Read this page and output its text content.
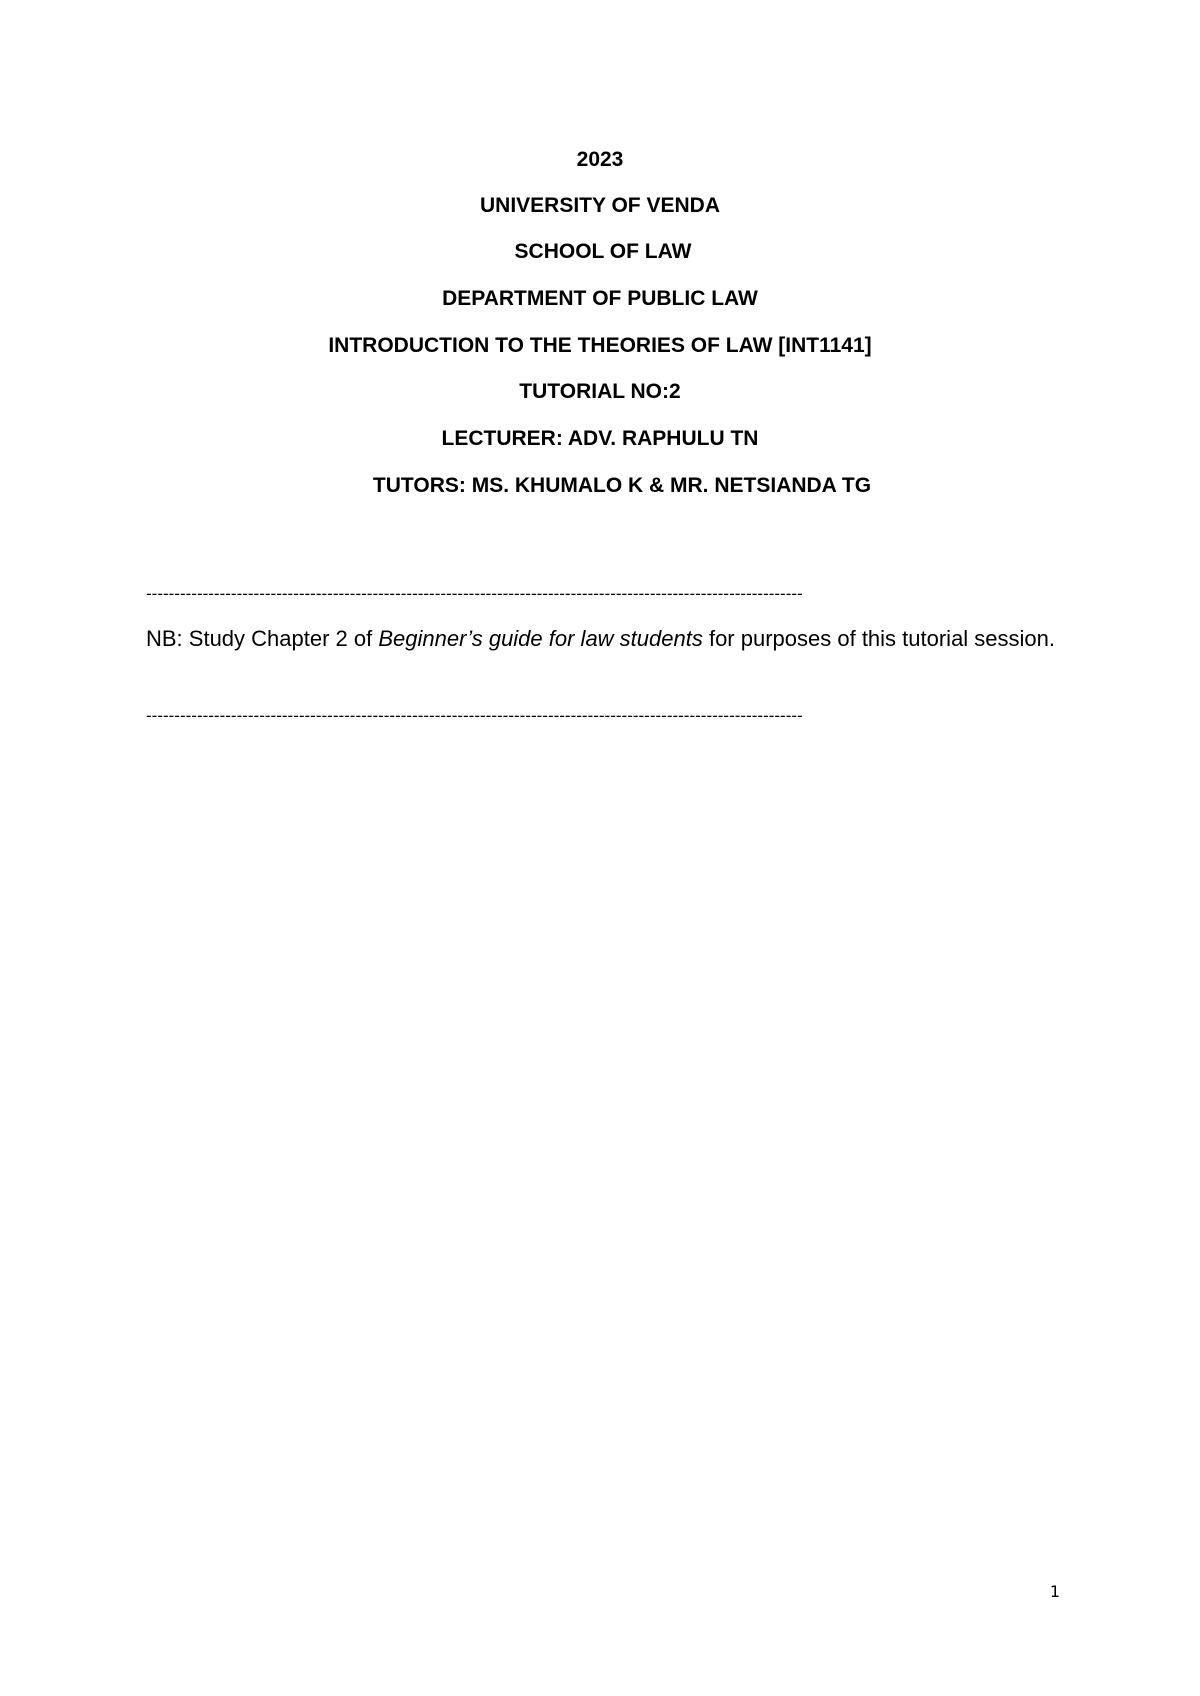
2023
UNIVERSITY OF VENDA
SCHOOL OF LAW
DEPARTMENT OF PUBLIC LAW
INTRODUCTION TO THE THEORIES OF LAW [INT1141]
TUTORIAL NO:2
LECTURER: ADV. RAPHULU TN
TUTORS: MS. KHUMALO K & MR. NETSIANDA TG
--------------------------------------------------------------------------------------------------------------------
NB: Study Chapter 2 of Beginner’s guide for law students for purposes of this tutorial session.
--------------------------------------------------------------------------------------------------------------------
1
